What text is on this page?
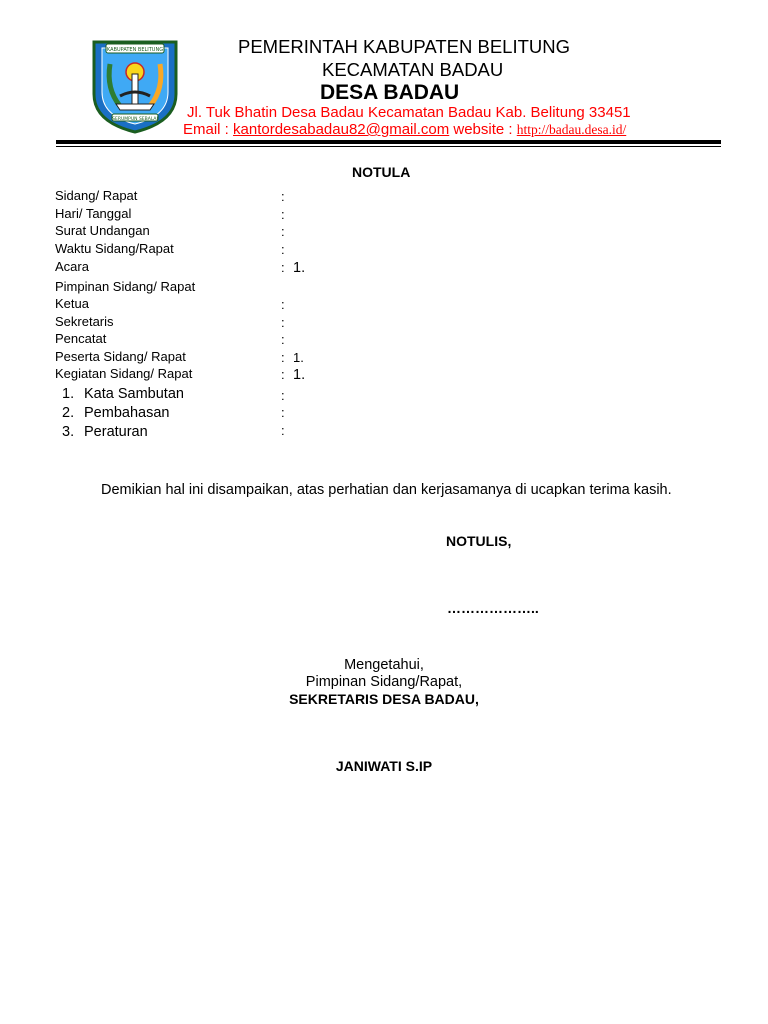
KABUPATEN BELITUNG
SERUMPUN SEBALAI
PEMERINTAH KABUPATEN BELITUNG
KECAMATAN BADAU
DESA BADAU
Jl. Tuk Bhatin Desa Badau Kecamatan Badau Kab. Belitung 33451
Email : kantordesabadau82@gmail.com website : http://badau.desa.id/
NOTULA
Sidang/ Rapat	:
Hari/ Tanggal	:
Surat Undangan	:
Waktu Sidang/Rapat	:
Acara	: 1.
Pimpinan Sidang/ Rapat
Ketua	:
Sekretaris	:
Pencatat	:
Peserta Sidang/ Rapat	: 1.
Kegiatan Sidang/ Rapat	: 1.
1. Kata Sambutan	:
2. Pembahasan	:
3. Peraturan	:
Demikian hal ini disampaikan, atas perhatian dan kerjasamanya di ucapkan terima kasih.
NOTULIS,
………………..
Mengetahui,
Pimpinan Sidang/Rapat,
SEKRETARIS DESA BADAU,
JANIWATI S.IP
